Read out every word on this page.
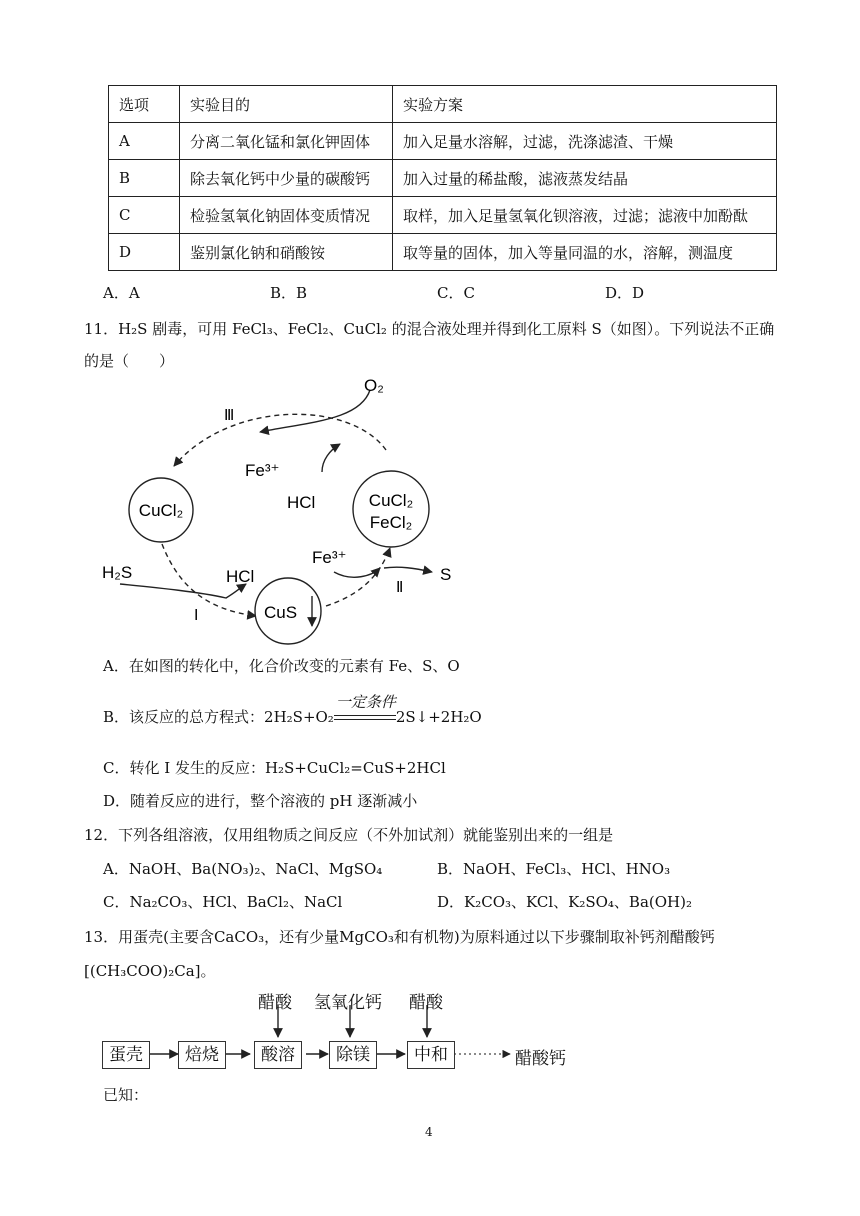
选项	实验目的	实验方案
A	分离二氧化锰和氯化钾固体	加入足量水溶解，过滤，洗涤滤渣、干燥
B	除去氧化钙中少量的碳酸钙	加入过量的稀盐酸，滤液蒸发结晶
C	检验氢氧化钠固体变质情况	取样，加入足量氢氧化钡溶液，过滤；滤液中加酚酞
D	鉴别氯化钠和硝酸铵	取等量的固体，加入等量同温的水，溶解，测温度
A．A	B．B	C．C	D．D
11．H₂S 剧毒，可用 FeCl₃、FeCl₂、CuCl₂ 的混合液处理并得到化工原料 S（如图）。下列说法不正确
的是（　　）
O₂
Ⅲ
Fe³⁺
HCl
CuCl₂
CuCl₂
FeCl₂
H₂S	HCl
Fe³⁺
Ⅱ
S
Ⅰ	CuS
A．在如图的转化中，化合价改变的元素有 Fe、S、O
B．该反应的总方程式：2H₂S+O₂
一定条件
2S↓+2H₂O
C．转化 I 发生的反应：H₂S+CuCl₂=CuS+2HCl
D．随着反应的进行，整个溶液的 pH 逐渐减小
12．下列各组溶液，仅用组物质之间反应（不外加试剂）就能鉴别出来的一组是
A．NaOH、Ba(NO₃)₂、NaCl、MgSO₄	B．NaOH、FeCl₃、HCl、HNO₃
C．Na₂CO₃、HCl、BaCl₂、NaCl	D．K₂CO₃、KCl、K₂SO₄、Ba(OH)₂
13．用蛋壳(主要含CaCO₃，还有少量MgCO₃和有机物)为原料通过以下步骤制取补钙剂醋酸钙
[(CH₃COO)₂Ca]。
醋酸 氢氧化钙 醋酸
蛋壳	焙烧	酸溶	除镁	中和	醋酸钙
已知：
4
